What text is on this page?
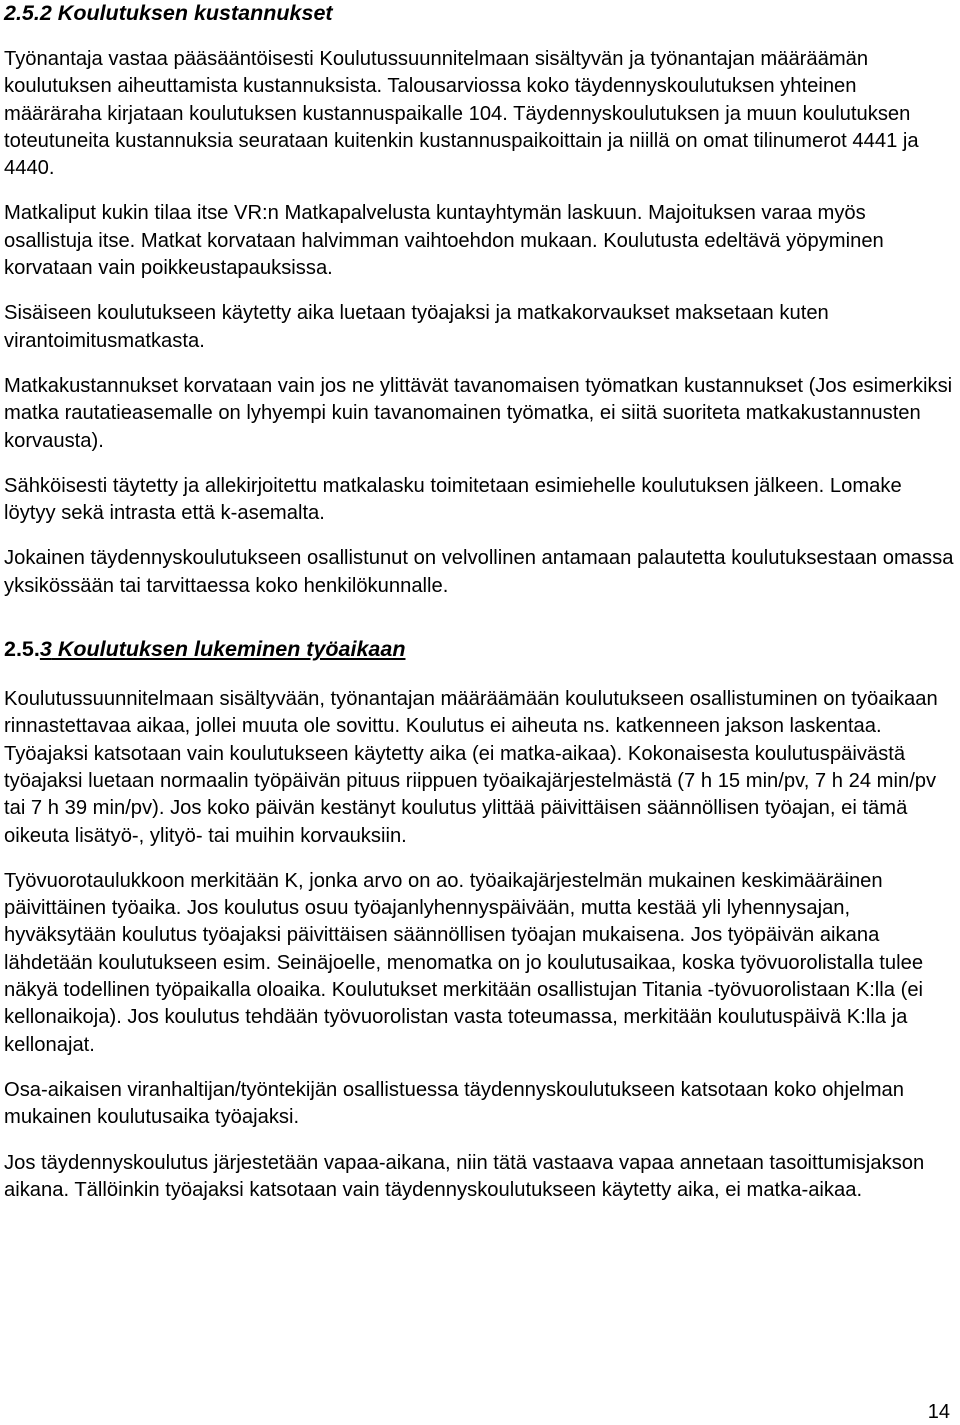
2.5.2 Koulutuksen kustannukset

Työnantaja vastaa pääsääntöisesti Koulutussuunnitelmaan sisältyvän ja työnantajan määräämän koulutuksen aiheuttamista kustannuksista. Talousarviossa koko täydennyskoulutuksen yhteinen määräraha kirjataan koulutuksen kustannuspaikalle 104. Täydennyskoulutuksen ja muun koulutuksen toteutuneita kustannuksia seurataan kuitenkin kustannuspaikoittain ja niillä on omat tilinumerot 4441 ja 4440.

Matkaliput kukin tilaa itse VR:n Matkapalvelusta kuntayhtymän laskuun. Majoituksen varaa myös osallistuja itse. Matkat korvataan halvimman vaihtoehdon mukaan. Koulutusta edeltävä yöpyminen korvataan vain poikkeustapauksissa.

Sisäiseen koulutukseen käytetty aika luetaan työajaksi ja matkakorvaukset maksetaan kuten virantoimitusmatkasta.

Matkakustannukset korvataan vain jos ne ylittävät tavanomaisen työmatkan kustannukset (Jos esimerkiksi matka rautatieasemalle on lyhyempi kuin tavanomainen työmatka, ei siitä suoriteta matkakustannusten korvausta).

Sähköisesti täytetty ja allekirjoitettu matkalasku toimitetaan esimiehelle koulutuksen jälkeen. Lomake löytyy sekä intrasta että k-asemalta.

Jokainen täydennyskoulutukseen osallistunut on velvollinen antamaan palautetta koulutuksestaan omassa yksikössään tai tarvittaessa koko henkilökunnalle.

2.5.3 Koulutuksen lukeminen työaikaan

Koulutussuunnitelmaan sisältyvään, työnantajan määräämään koulutukseen osallistuminen on työaikaan rinnastettavaa aikaa, jollei muuta ole sovittu. Koulutus ei aiheuta ns. katkenneen jakson laskentaa. Työajaksi katsotaan vain koulutukseen käytetty aika (ei matka-aikaa). Kokonaisesta koulutuspäivästä työajaksi luetaan normaalin työpäivän pituus riippuen työaikajärjestelmästä (7 h 15 min/pv, 7 h 24 min/pv tai 7 h 39 min/pv). Jos koko päivän kestänyt koulutus ylittää päivittäisen säännöllisen työajan, ei tämä oikeuta lisätyö-, ylityö- tai muihin korvauksiin.

Työvuorotaulukkoon merkitään K, jonka arvo on ao. työaikajärjestelmän mukainen keskimääräinen päivittäinen työaika. Jos koulutus osuu työajanlyhennyspäivään, mutta kestää yli lyhennysajan, hyväksytään koulutus työajaksi päivittäisen säännöllisen työajan mukaisena. Jos työpäivän aikana lähdetään koulutukseen esim. Seinäjoelle, menomatka on jo koulutusaikaa, koska työvuorolistalla tulee näkyä todellinen työpaikalla oloaika. Koulutukset merkitään osallistujan Titania -työvuorolistaan K:lla (ei kellonaikoja). Jos koulutus tehdään työvuorolistan vasta toteumassa, merkitään koulutuspäivä K:lla ja kellonajat.

Osa-aikaisen viranhaltijan/työntekijän osallistuessa täydennyskoulutukseen katsotaan koko ohjelman mukainen koulutusaika työajaksi.

Jos täydennyskoulutus järjestetään vapaa-aikana, niin tätä vastaava vapaa annetaan tasoittumisjakson aikana. Tällöinkin työajaksi katsotaan vain täydennyskoulutukseen käytetty aika, ei matka-aikaa.

14
